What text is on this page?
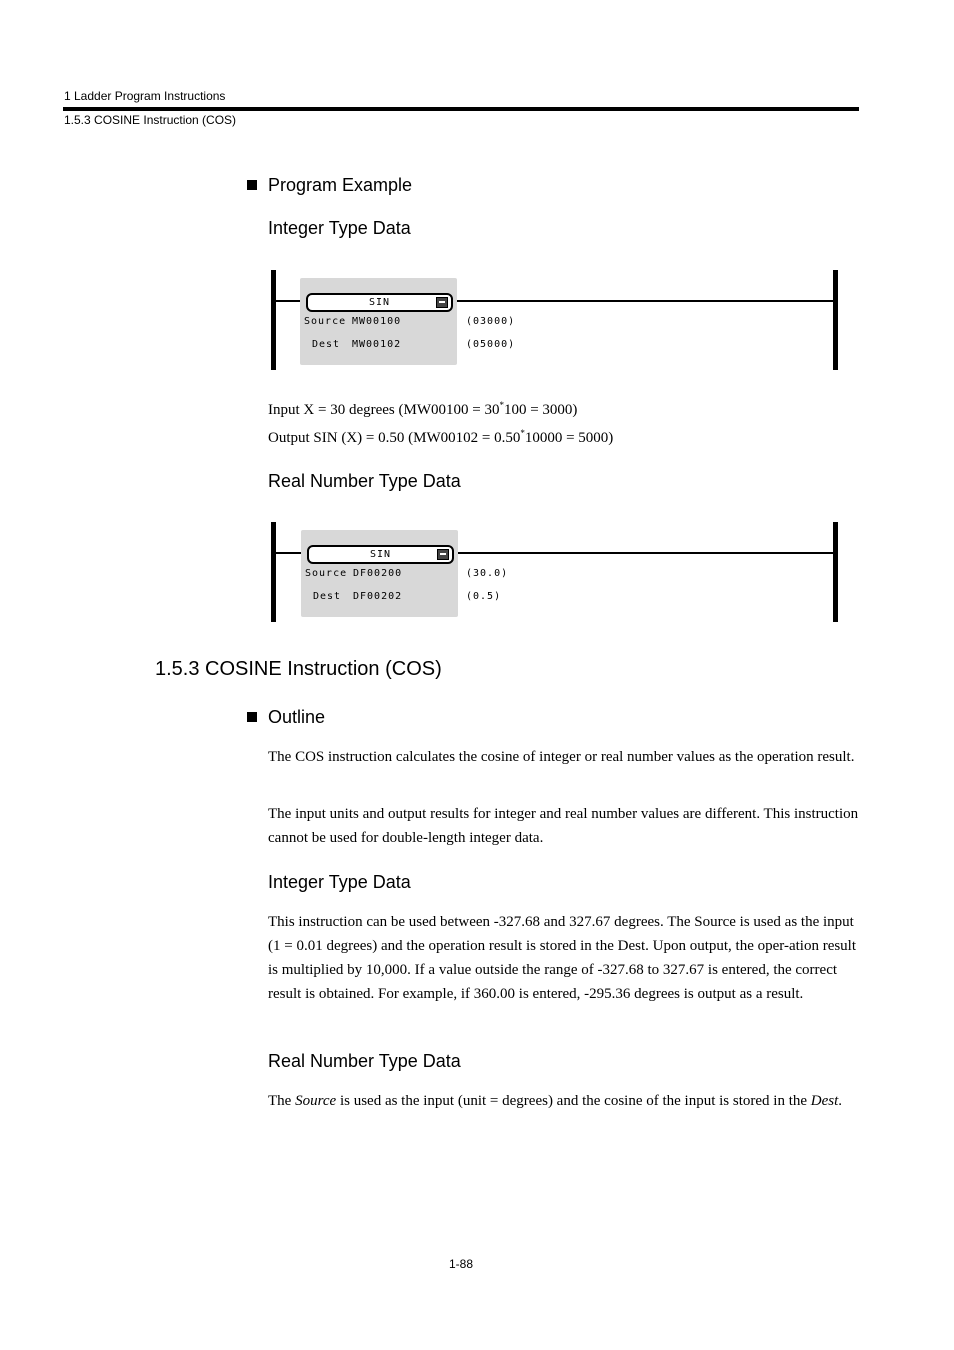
1 Ladder Program Instructions
1.5.3 COSINE Instruction (COS)
Program Example
Integer Type Data
SIN
Source MW00100
Dest MW00102
(03000)
(05000)
Input X = 30 degrees (MW00100 = 30*100 = 3000)
Output SIN (X) = 0.50 (MW00102 = 0.50*10000 = 5000)
Real Number Type Data
SIN
Source DF00200
Dest DF00202
(30.0)
(0.5)
1.5.3 COSINE Instruction (COS)
Outline
The COS instruction calculates the cosine of integer or real number values as the operation result.
The input units and output results for integer and real number values are different. This instruction cannot be used for double-length integer data.
Integer Type Data
This instruction can be used between -327.68 and 327.67 degrees. The Source is used as the input (1 = 0.01 degrees) and the operation result is stored in the Dest. Upon output, the oper-ation result is multiplied by 10,000. If a value outside the range of -327.68 to 327.67 is entered, the correct result is obtained. For example, if 360.00 is entered, -295.36 degrees is output as a result.
Real Number Type Data
The Source is used as the input (unit = degrees) and the cosine of the input is stored in the Dest.
1-88
